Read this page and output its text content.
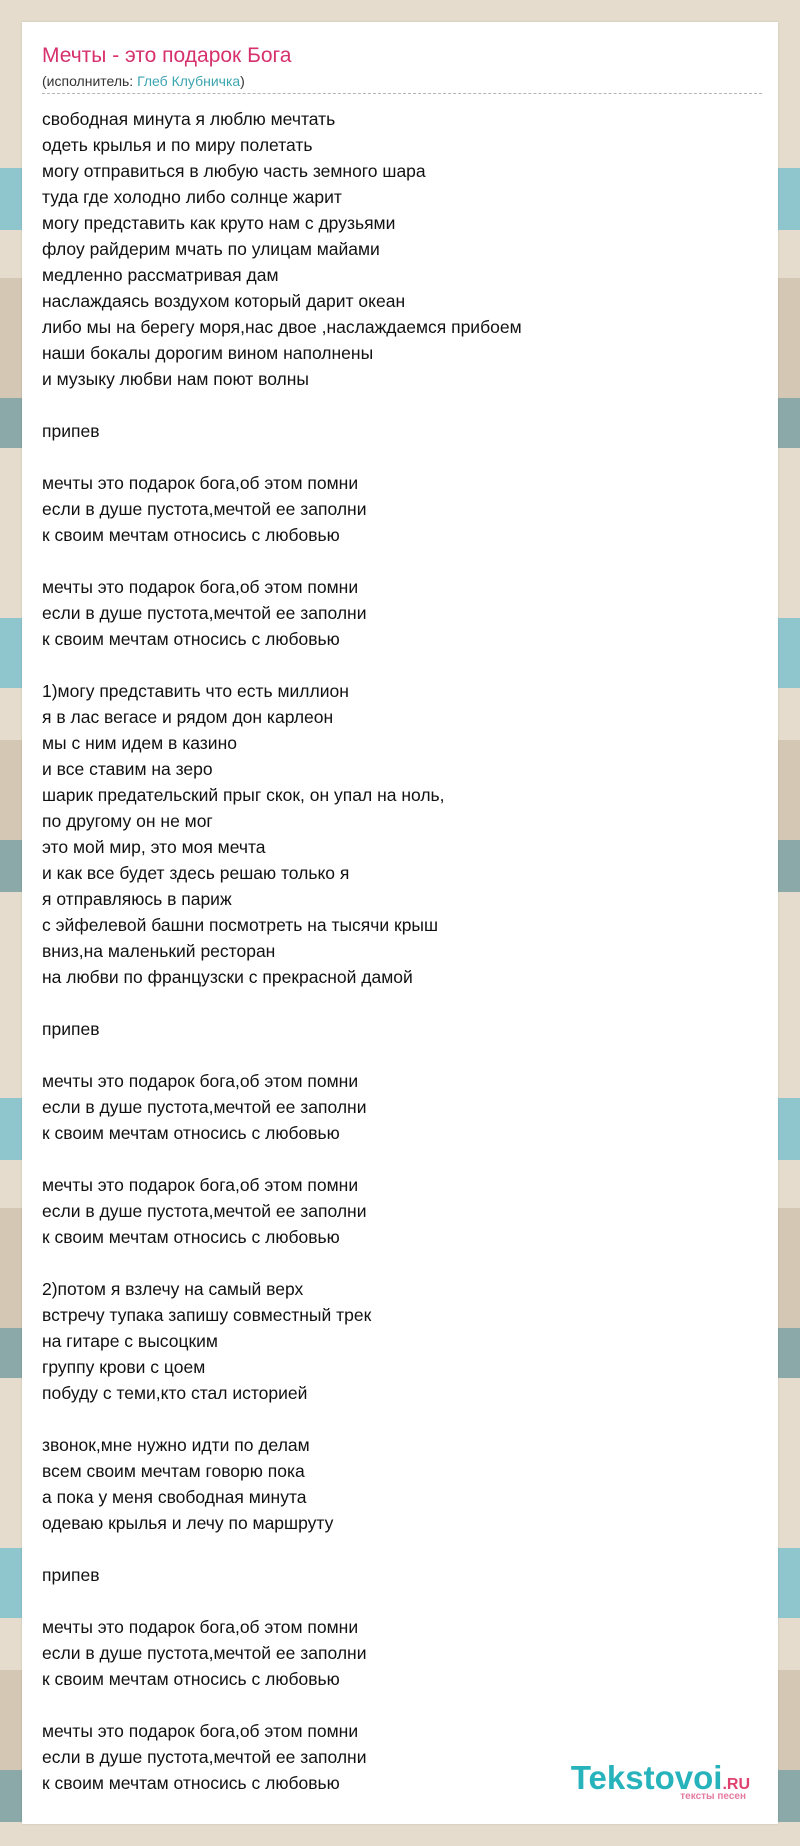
Мечты - это подарок Бога
(исполнитель: Глеб Клубничка)
свободная минута я люблю мечтать
одеть крылья и по миру полетать
могу отправиться в любую часть земного шара
туда где холодно либо солнце жарит
могу представить как круто нам с друзьями
флоу райдерим мчать по улицам майами
медленно рассматривая дам
наслаждаясь воздухом который дарит океан
либо мы на берегу моря,нас двое ,наслаждаемся прибоем
наши бокалы дорогим вином наполнены
и музыку любви нам поют волны

припев

мечты это подарок бога,об этом помни
если в душе пустота,мечтой ее заполни
к своим мечтам относись с любовью

мечты это подарок бога,об этом помни
если в душе пустота,мечтой ее заполни
к своим мечтам относись с любовью

1)могу представить что есть миллион
я в лас вегасе и рядом дон карлеон
мы с ним идем в казино
и все ставим на зеро
шарик предательский прыг скок, он упал на ноль,
по другому он не мог
это мой мир, это моя мечта
и как все будет здесь решаю только я
я отправляюсь в париж
с эйфелевой башни посмотреть на тысячи крыш
вниз,на маленький ресторан
на любви по французски с прекрасной дамой

припев

мечты это подарок бога,об этом помни
если в душе пустота,мечтой ее заполни
к своим мечтам относись с любовью

мечты это подарок бога,об этом помни
если в душе пустота,мечтой ее заполни
к своим мечтам относись с любовью

2)потом я взлечу на самый верх
встречу тупака запишу совместный трек
на гитаре с высоцким
группу крови с цоем
побуду с теми,кто стал историей

звонок,мне нужно идти по делам
всем своим мечтам говорю пока
а пока у меня свободная минута
одеваю крылья и лечу по маршруту

припев

мечты это подарок бога,об этом помни
если в душе пустота,мечтой ее заполни
к своим мечтам относись с любовью

мечты это подарок бога,об этом помни
если в душе пустота,мечтой ее заполни
к своим мечтам относись с любовью	Tekstovoi.RU
тексты песен
